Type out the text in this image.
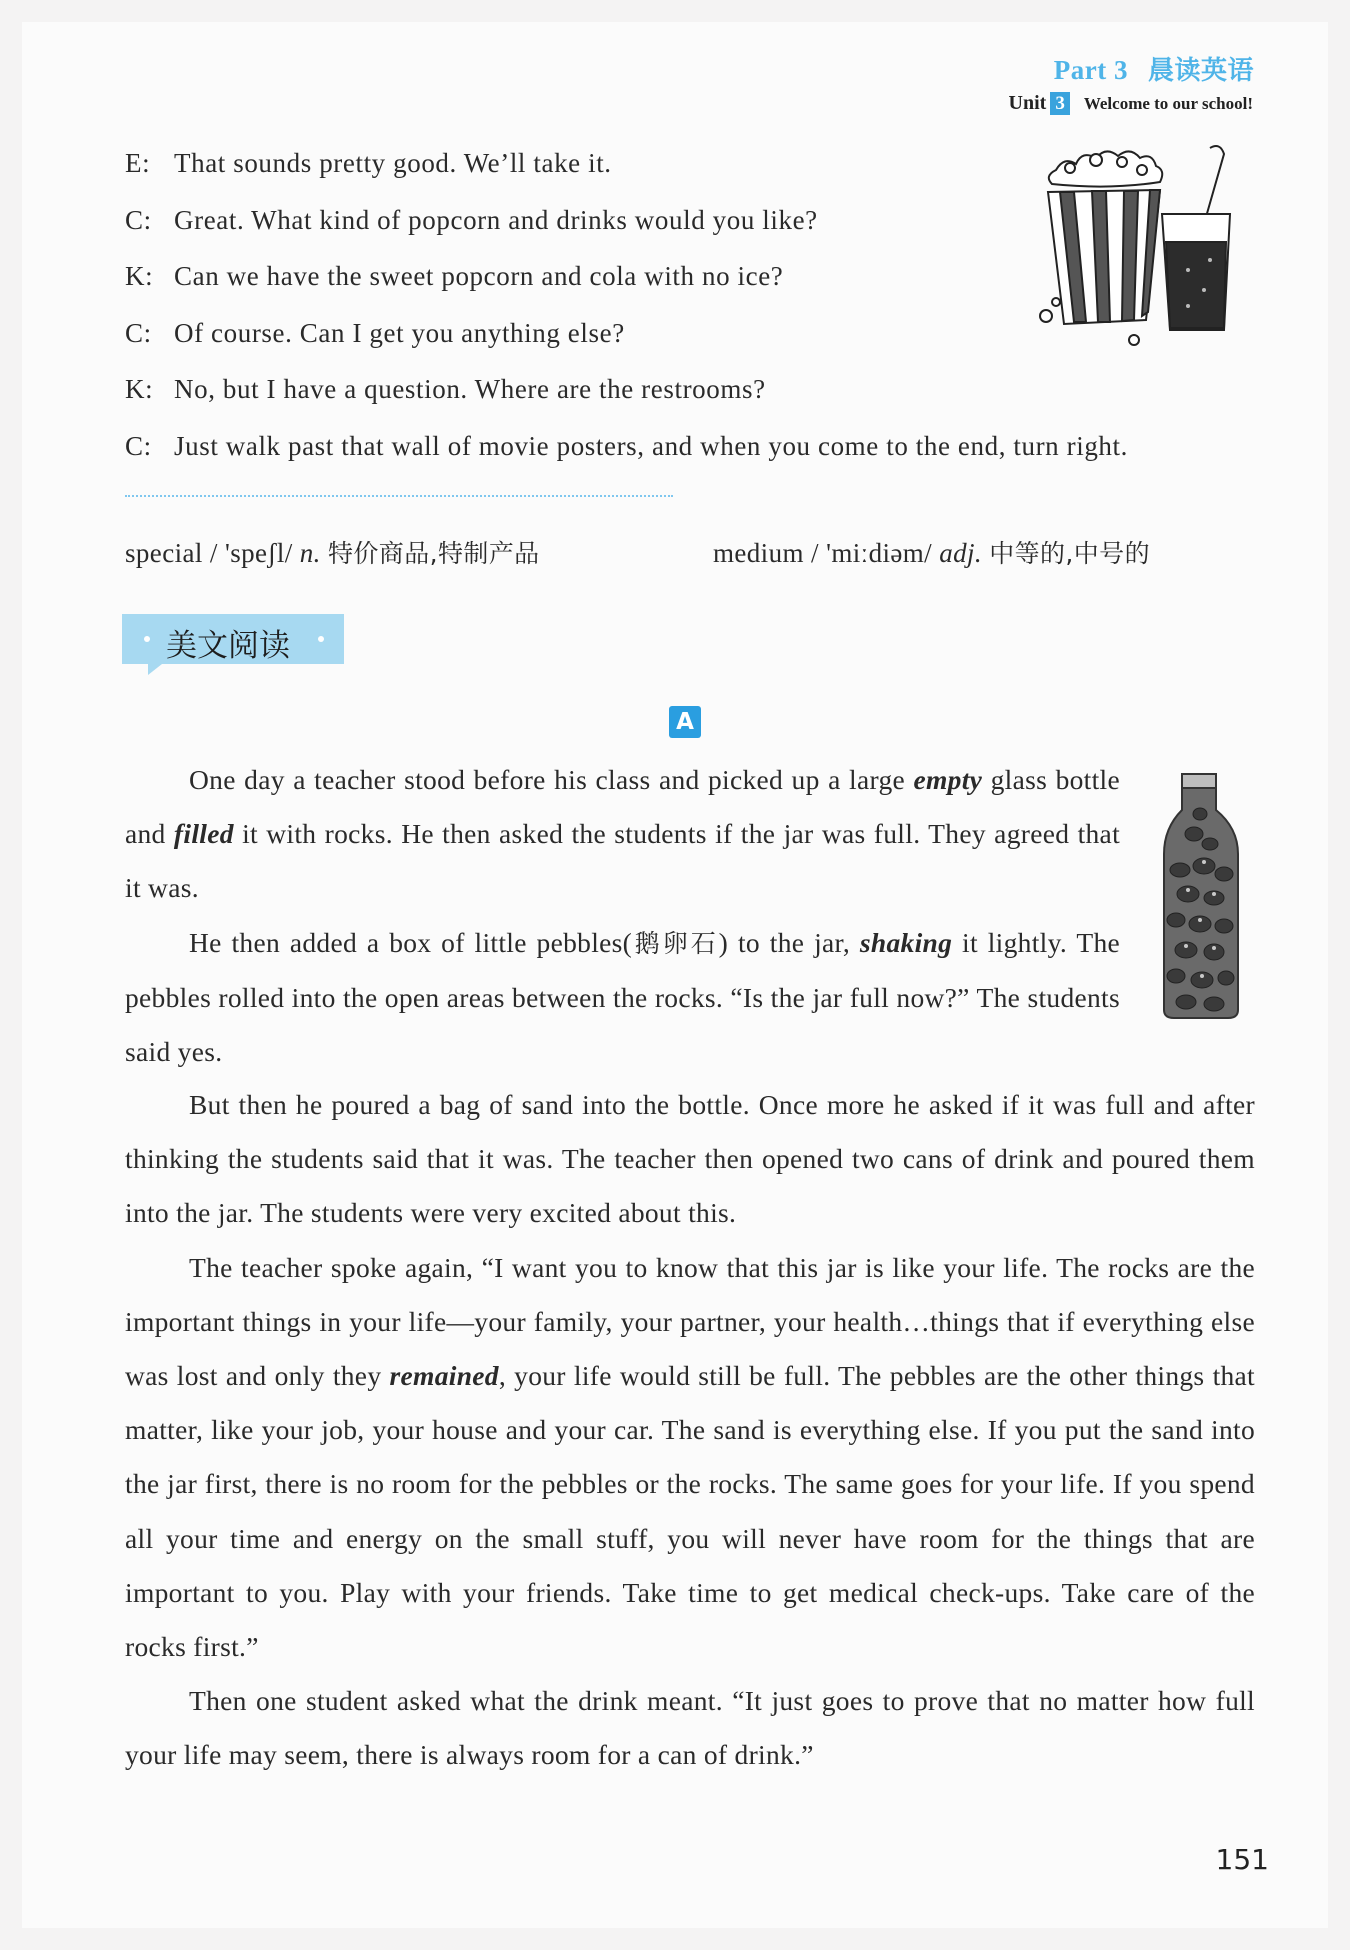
Part 3 晨读英语
Unit 3 Welcome to our school!
E: That sounds pretty good. We’ll take it.
C: Great. What kind of popcorn and drinks would you like?
K: Can we have the sweet popcorn and cola with no ice?
C: Of course. Can I get you anything else?
K: No, but I have a question. Where are the restrooms?
C: Just walk past that wall of movie posters, and when you come to the end, turn right.
special / 'speʃl/ n. 特价商品,特制产品	medium / 'miːdiəm/ adj. 中等的,中号的
美文阅读
A

One day a teacher stood before his class and picked up a large empty glass bottle and filled it with rocks. He then asked the students if the jar was full. They agreed that it was.

He then added a box of little pebbles(鹅卵石) to the jar, shaking it lightly. The pebbles rolled into the open areas between the rocks. “Is the jar full now?” The students said yes.

But then he poured a bag of sand into the bottle. Once more he asked if it was full and after thinking the students said that it was. The teacher then opened two cans of drink and poured them into the jar. The students were very excited about this.

The teacher spoke again, “I want you to know that this jar is like your life. The rocks are the important things in your life—your family, your partner, your health…things that if everything else was lost and only they remained, your life would still be full. The pebbles are the other things that matter, like your job, your house and your car. The sand is everything else. If you put the sand into the jar first, there is no room for the pebbles or the rocks. The same goes for your life. If you spend all your time and energy on the small stuff, you will never have room for the things that are important to you. Play with your friends. Take time to get medical check-ups. Take care of the rocks first.”

Then one student asked what the drink meant. “It just goes to prove that no matter how full your life may seem, there is always room for a can of drink.”

151
